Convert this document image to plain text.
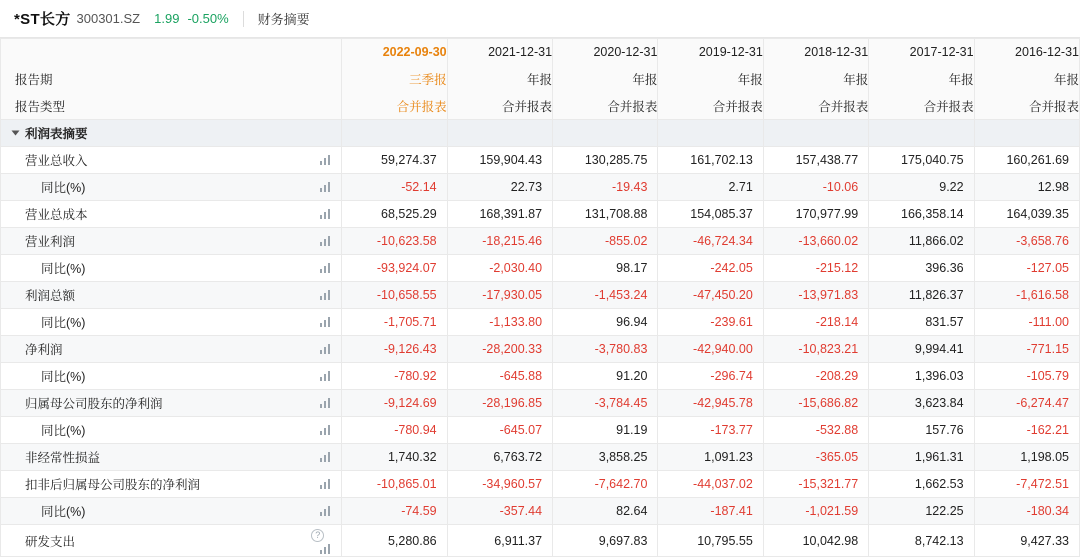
*ST长方 300301.SZ 1.99 -0.50% 财务摘要
		2022-09-30	2021-12-31	2020-12-31	2019-12-31	2018-12-31	2017-12-31	2016-12-31
报告期		三季报	年报	年报	年报	年报	年报	年报
报告类型		合并报表	合并报表	合并报表	合并报表	合并报表	合并报表	合并报表
利润表摘要								
营业总收入		59,274.37	159,904.43	130,285.75	161,702.13	157,438.77	175,040.75	160,261.69
同比(%)		-52.14	22.73	-19.43	2.71	-10.06	9.22	12.98
营业总成本		68,525.29	168,391.87	131,708.88	154,085.37	170,977.99	166,358.14	164,039.35
营业利润		-10,623.58	-18,215.46	-855.02	-46,724.34	-13,660.02	11,866.02	-3,658.76
同比(%)		-93,924.07	-2,030.40	98.17	-242.05	-215.12	396.36	-127.05
利润总额		-10,658.55	-17,930.05	-1,453.24	-47,450.20	-13,971.83	11,826.37	-1,616.58
同比(%)		-1,705.71	-1,133.80	96.94	-239.61	-218.14	831.57	-111.00
净利润		-9,126.43	-28,200.33	-3,780.83	-42,940.00	-10,823.21	9,994.41	-771.15
同比(%)		-780.92	-645.88	91.20	-296.74	-208.29	1,396.03	-105.79
归属母公司股东的净利润		-9,124.69	-28,196.85	-3,784.45	-42,945.78	-15,686.82	3,623.84	-6,274.47
同比(%)		-780.94	-645.07	91.19	-173.77	-532.88	157.76	-162.21
非经常性损益		1,740.32	6,763.72	3,858.25	1,091.23	-365.05	1,961.31	1,198.05
扣非后归属母公司股东的净利润		-10,865.01	-34,960.57	-7,642.70	-44,037.02	-15,321.77	1,662.53	-7,472.51
同比(%)		-74.59	-357.44	82.64	-187.41	-1,021.59	122.25	-180.34
研发支出	?	5,280.86	6,911.37	9,697.83	10,795.55	10,042.98	8,742.13	9,427.33
